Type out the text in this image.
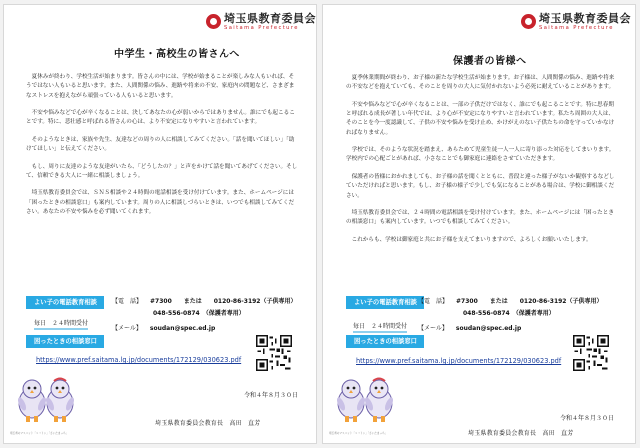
埼玉県教育委員会
Saitama Prefecture
中学生・高校生の皆さんへ

夏休みが終わり、学校生活が始まります。皆さんの中には、学校が始まることが楽しみな人もいれば、そうではない人もいると思います。また、人間関係の悩み、進路や将来の不安、家庭内の問題など、さまざまなストレスを抱えながら頑張っている人もいると思います。

不安や悩みなどで心が辛くなることは、決してあなたの心が弱いからではありません。誰にでも起こることです。特に、悲壮感と呼ばれる皆さんの心は、より不安定になりやすいと言われています。

そのようなときは、家族や先生、友達などの周りの人に相談してみてください。「話を聞いてほしい」「助けてほしい」と伝えてください。

もし、周りに友達のような友達がいたら、「どうしたの？」と声をかけて話を聞いてあげてください。そして、信頼できる大人に一緒に相談しましょう。

埼玉県教育委員会では、ＳＮＳ相談や２４時間の電話相談を受け付けています。また、ホームページには「困ったときの相談窓口」も案内しています。周りの人に相談しづらいときは、いつでも相談してみてください。あなたの不安や悩みを必ず聞いてくれます。

よい子の電話教育相談	【電　話】 #7300　　または　　0120-86-3192（子供専用）
048-556-0874　（保護者専用）
毎日　２４時間受付
【メール】 soudan@spec.ed.jp
困ったときの相談窓口
https://www.pref.saitama.lg.jp/documents/172129/030623.pdf
埼玉県のマスコット「コバトン」「さいたまっち」
令和４年８月３０日
埼玉県教育委員会教育長　高田　直芳
埼玉県教育委員会
Saitama Prefecture
保護者の皆様へ

夏季休業期間が終わり、お子様の新たな学校生活が始まります。お子様は、人間関係の悩み、進路や将来の不安などを抱えていても、そのことを周りの大人に気付かれないよう必死に耐えていることがあります。

不安や悩みなどで心が辛くなることは、一部の子供だけではなく、誰にでも起こることです。特に思春期と呼ばれる成長が著しい年代では、より心が不安定になりやすいと言われています。私たち周囲の大人は、そのことを今一度認識して、子供の不安や悩みを受け止め、かけがえのない子供たちの命を守っていかなければなりません。

学校では、そのような状況を踏まえ、あらためて児童生徒一人一人に寄り添った対応をしてまいります。学校内での心配ごとがあれば、小さなことでも御家庭に連絡をさせていただきます。

保護者の皆様におかれましても、お子様の話を聞くとともに、普段と違った様子がないか観察するなどしていただければと思います。もし、お子様の様子で少しでも気になることがある場合は、学校に御相談ください。

埼玉県教育委員会では、２４時間の電話相談を受け付けています。また、ホームページには「困ったときの相談窓口」も案内しています。いつでも相談してみてください。

これからも、学校は御家庭と共にお子様を支えてまいりますので、よろしくお願いいたします。

よい子の電話教育相談 【電　話】 #7300　　または　　0120-86-3192（子供専用）
048-556-0874　（保護者専用）
毎日　２４時間受付 【メール】 soudan@spec.ed.jp
困ったときの相談窓口
https://www.pref.saitama.lg.jp/documents/172129/030623.pdf
埼玉県のマスコット「コバトン」「さいたまっち」
令和４年８月３０日
埼玉県教育委員会教育長　高田　直芳
